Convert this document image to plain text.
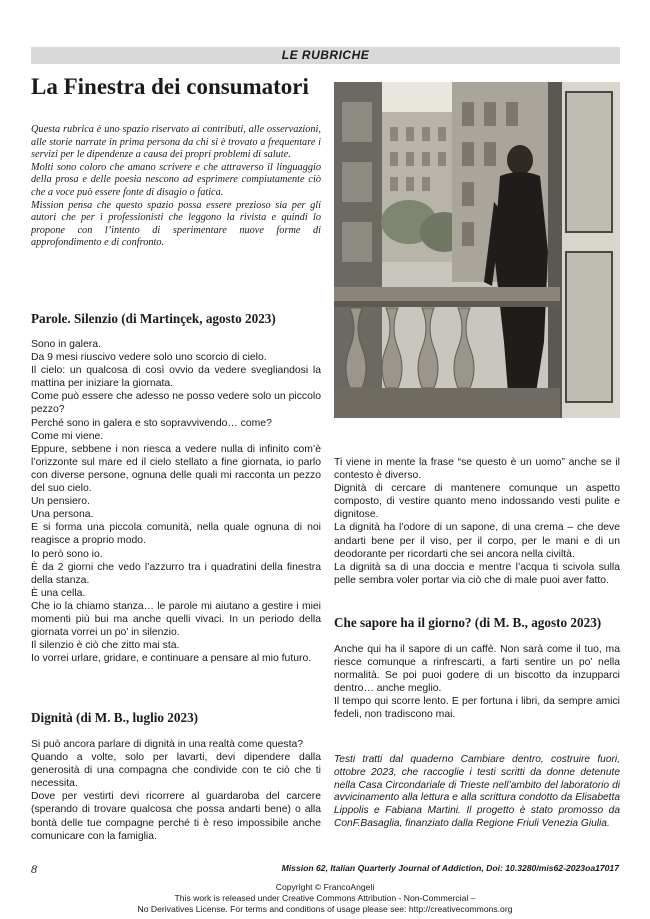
LE RUBRICHE
La Finestra dei consumatori

Questa rubrica è uno spazio riservato ai contributi, alle osservazioni, alle storie narrate in prima persona da chi si è trovato a frequentare i servizi per le dipendenze a causa dei propri problemi di salute.

Molti sono coloro che amano scrivere e che attraverso il linguaggio della prosa e delle poesia nescono ad esprimere compiutamente ciò che a voce può essere fonte di disagio o fatica.

Mission pensa che questo spazio possa essere prezioso sia per gli autori che per i professionisti che leggono la rivista e quindi lo propone con l’intento di sperimentare nuove forme di approfondimento e di confronto.

Parole. Silenzio (di Martinçek, agosto 2023)

Sono in galera.

Da 9 mesi riuscivo vedere solo uno scorcio di cielo.

Il cielo: un qualcosa di così ovvio da vedere svegliandosi la mattina per iniziare la giornata.

Come può essere che adesso ne posso vedere solo un piccolo pezzo?

Perché sono in galera e sto sopravvivendo… come?

Come mi viene.

Eppure, sebbene i non riesca a vedere nulla di infinito com’è l’orizzonte sul mare ed il cielo stellato a fine giornata, io parlo con diverse persone, ognuna delle quali mi racconta un pezzo del suo cielo.

Un pensiero.

Una persona.

E si forma una piccola comunità, nella quale ognuna di noi reagisce a proprio modo.

Io però sono io.

È da 2 giorni che vedo l’azzurro tra i quadratini della finestra della stanza.

È una cella.

Che io la chiamo stanza… le parole mi aiutano a gestire i miei momenti più bui ma anche quelli vivaci. In un periodo della giornata vorrei un po’ in silenzio.

Il silenzio è ciò che zitto mai sta.

Io vorrei urlare, gridare, e continuare a pensare al mio futuro.

Dignità (di M. B., luglio 2023)

Si può ancora parlare di dignità in una realtà come questa?

Quando a volte, solo per lavarti, devi dipendere dalla generosità di una compagna che condivide con te ciò che ti necessita.

Dove per vestirti devi ricorrere al guardaroba del carcere (sperando di trovare qualcosa che possa andarti bene) o alla bontà delle tue compagne perché ti è reso impossibile anche comunicare con la famiglia.

Ti viene in mente la frase “se questo è un uomo” anche se il contesto è diverso.

Dignità di cercare di mantenere comunque un aspetto composto, di vestire quanto meno indossando vesti pulite e dignitose.

La dignità ha l’odore di un sapone, di una crema – che deve andarti bene per il viso, per il corpo, per le mani e di un deodorante per ricordarti che sei ancora nella civiltà.

La dignità sa di una doccia e mentre l’acqua ti scivola sulla pelle sembra voler portar via ciò che di male puoi aver fatto.

Che sapore ha il giorno? (di M. B., agosto 2023)

Anche qui ha il sapore di un caffè. Non sarà come il tuo, ma riesce comunque a rinfrescarti, a farti sentire un po’ nella normalità. Se poi puoi godere di un biscotto da inzupparci dentro… anche meglio.

Il tempo qui scorre lento. E per fortuna i libri, da sempre amici fedeli, non tradiscono mai.

Testi tratti dal quaderno Cambiare dentro, costruire fuori, ottobre 2023, che raccoglie i testi scritti da donne detenute nella Casa Circondariale di Trieste nell’ambito del laboratorio di avvicinamento alla lettura e alla scrittura condotto da Elisabetta Lippolis e Fabiana Martini. Il progetto è stato promosso da ConF.Basaglia, finanziato dalla Regione Friuli Venezia Giulia.
8	Mission 62, Italian Quarterly Journal of Addiction, Doi: 10.3280/mis62-2023oa17017
Copyright © FrancoAngeli
This work is released under Creative Commons Attribution - Non-Commercial –
No Derivatives License. For terms and conditions of usage please see: http://creativecommons.org
